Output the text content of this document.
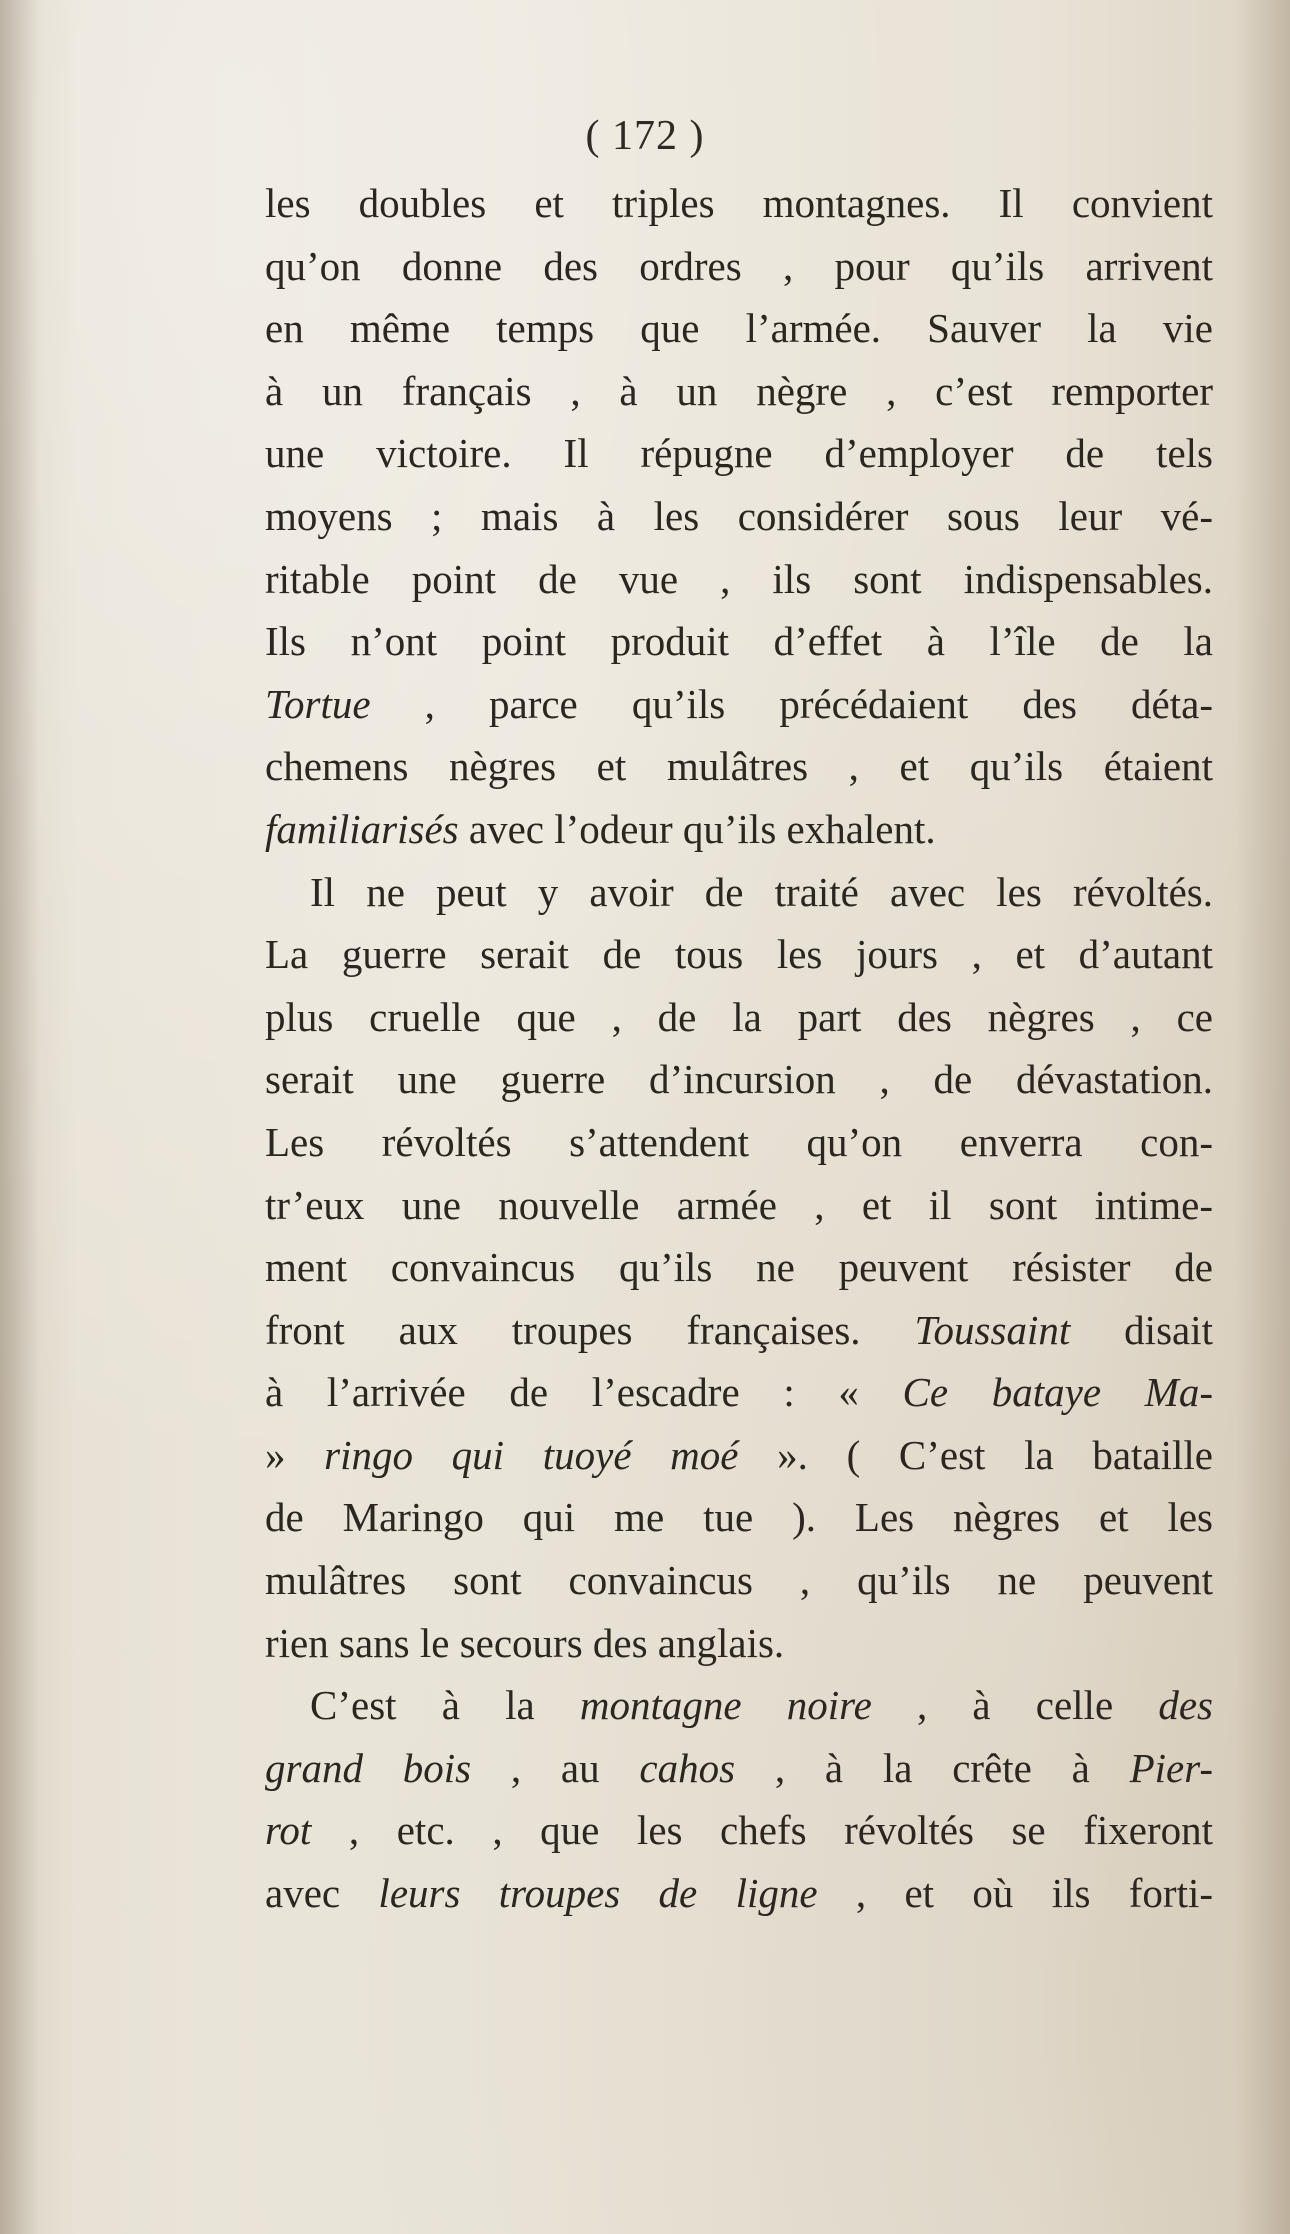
( 172 )
les doubles et triples montagnes. Il convient
qu’on donne des ordres , pour qu’ils arrivent
en même temps que l’armée. Sauver la vie
à un français , à un nègre , c’est remporter
une victoire. Il répugne d’employer de tels
moyens ; mais à les considérer sous leur vé-
ritable point de vue , ils sont indispensables.
Ils n’ont point produit d’effet à l’île de la
Tortue , parce qu’ils précédaient des déta-
chemens nègres et mulâtres , et qu’ils étaient
familiarisés avec l’odeur qu’ils exhalent.
Il ne peut y avoir de traité avec les révoltés.
La guerre serait de tous les jours , et d’autant
plus cruelle que , de la part des nègres , ce
serait une guerre d’incursion , de dévastation.
Les révoltés s’attendent qu’on enverra con-
tr’eux une nouvelle armée , et il sont intime-
ment convaincus qu’ils ne peuvent résister de
front aux troupes françaises. Toussaint disait
à l’arrivée de l’escadre : « Ce bataye Ma-
» ringo qui tuoyé moé ». ( C’est la bataille
de Maringo qui me tue ). Les nègres et les
mulâtres sont convaincus , qu’ils ne peuvent
rien sans le secours des anglais.
C’est à la montagne noire , à celle des
grand bois , au cahos , à la crête à Pier-
rot , etc. , que les chefs révoltés se fixeront
avec leurs troupes de ligne , et où ils forti-
